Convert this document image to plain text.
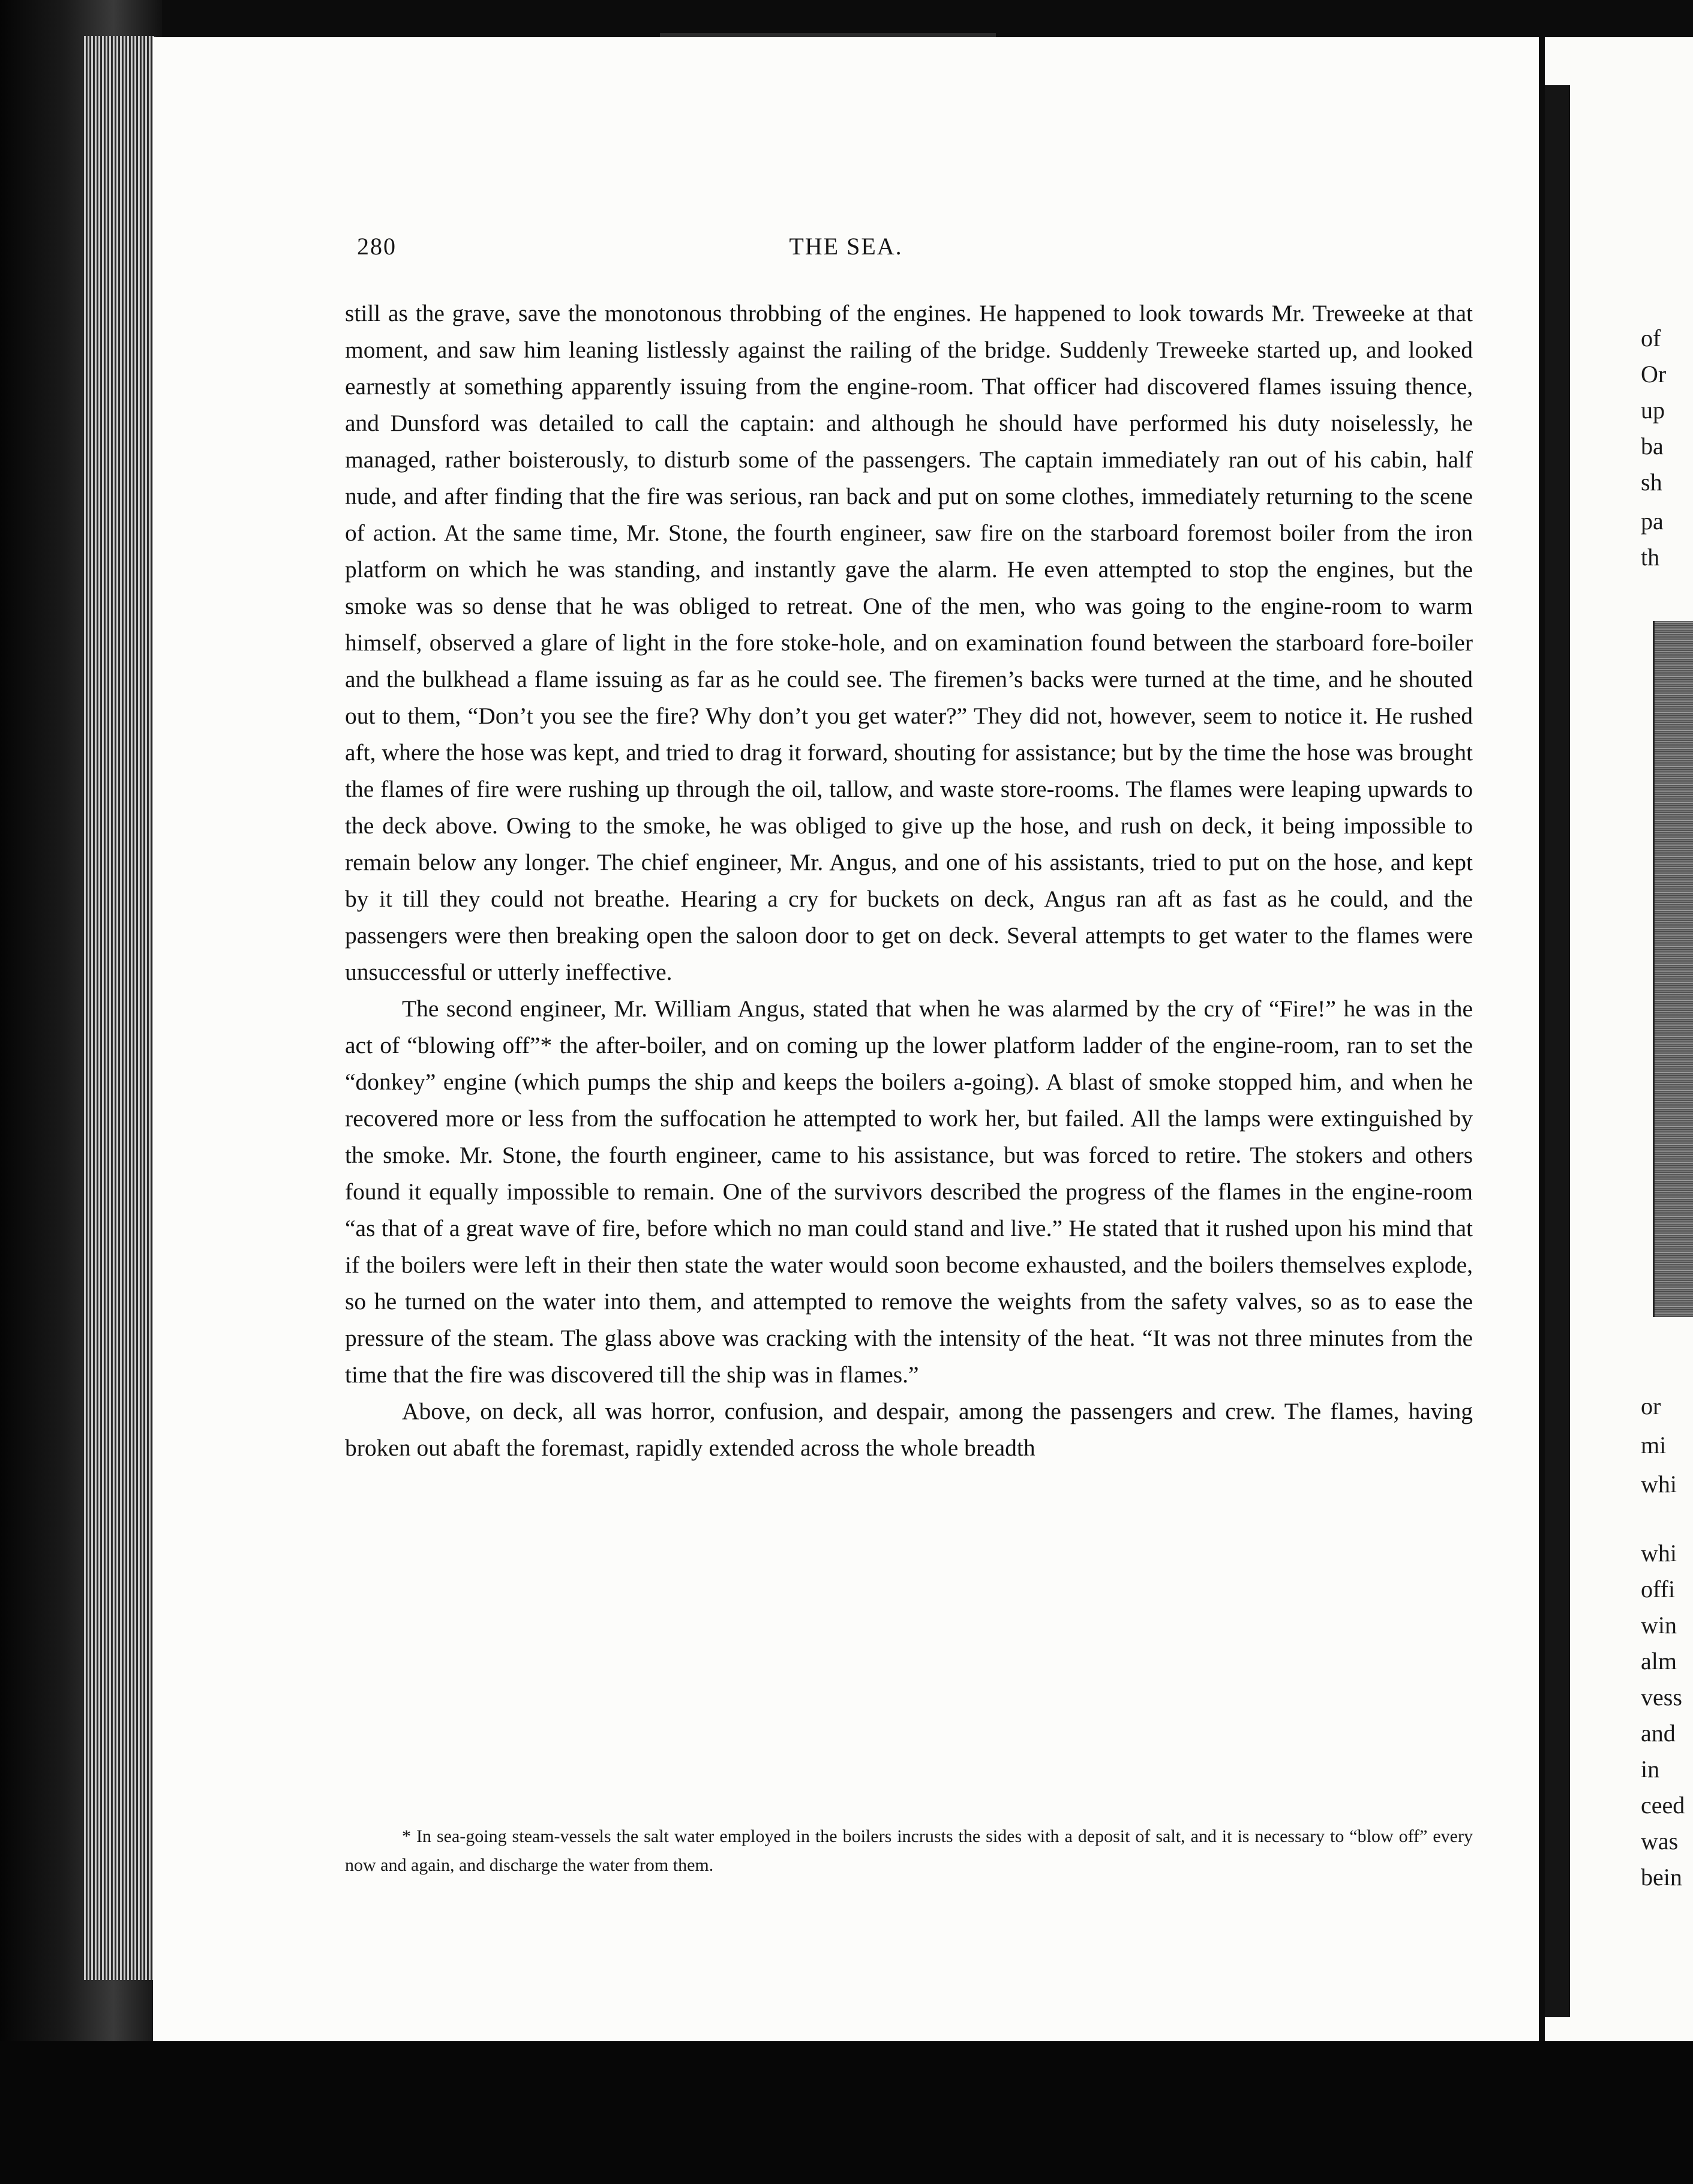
280	THE SEA.

still as the grave, save the monotonous throbbing of the engines. He happened to look towards Mr. Treweeke at that moment, and saw him leaning listlessly against the railing of the bridge. Suddenly Treweeke started up, and looked earnestly at something apparently issuing from the engine-room. That officer had discovered flames issuing thence, and Dunsford was detailed to call the captain: and although he should have performed his duty noiselessly, he managed, rather boisterously, to disturb some of the passengers. The captain immediately ran out of his cabin, half nude, and after finding that the fire was serious, ran back and put on some clothes, immediately returning to the scene of action. At the same time, Mr. Stone, the fourth engineer, saw fire on the starboard foremost boiler from the iron platform on which he was standing, and instantly gave the alarm. He even attempted to stop the engines, but the smoke was so dense that he was obliged to retreat. One of the men, who was going to the engine-room to warm himself, observed a glare of light in the fore stoke-hole, and on examination found between the starboard fore-boiler and the bulkhead a flame issuing as far as he could see. The firemen’s backs were turned at the time, and he shouted out to them, “Don’t you see the fire? Why don’t you get water?” They did not, however, seem to notice it. He rushed aft, where the hose was kept, and tried to drag it forward, shouting for assistance; but by the time the hose was brought the flames of fire were rushing up through the oil, tallow, and waste store-rooms. The flames were leaping upwards to the deck above. Owing to the smoke, he was obliged to give up the hose, and rush on deck, it being impossible to remain below any longer. The chief engineer, Mr. Angus, and one of his assistants, tried to put on the hose, and kept by it till they could not breathe. Hearing a cry for buckets on deck, Angus ran aft as fast as he could, and the passengers were then breaking open the saloon door to get on deck. Several attempts to get water to the flames were unsuccessful or utterly ineffective.

The second engineer, Mr. William Angus, stated that when he was alarmed by the cry of “Fire!” he was in the act of “blowing off”* the after-boiler, and on coming up the lower platform ladder of the engine-room, ran to set the “donkey” engine (which pumps the ship and keeps the boilers a-going). A blast of smoke stopped him, and when he recovered more or less from the suffocation he attempted to work her, but failed. All the lamps were extinguished by the smoke. Mr. Stone, the fourth engineer, came to his assistance, but was forced to retire. The stokers and others found it equally impossible to remain. One of the survivors described the progress of the flames in the engine-room “as that of a great wave of fire, before which no man could stand and live.” He stated that it rushed upon his mind that if the boilers were left in their then state the water would soon become exhausted, and the boilers themselves explode, so he turned on the water into them, and attempted to remove the weights from the safety valves, so as to ease the pressure of the steam. The glass above was cracking with the intensity of the heat. “It was not three minutes from the time that the fire was discovered till the ship was in flames.”

Above, on deck, all was horror, confusion, and despair, among the passengers and crew. The flames, having broken out abaft the foremast, rapidly extended across the whole breadth

* In sea-going steam-vessels the salt water employed in the boilers incrusts the sides with a deposit of salt, and it is necessary to “blow off” every now and again, and discharge the water from them.

of
Or
up
ba
sh
pa
th
or
mi
whi
whi
offi
win
alm
vess
and
in
ceed
was
bein
